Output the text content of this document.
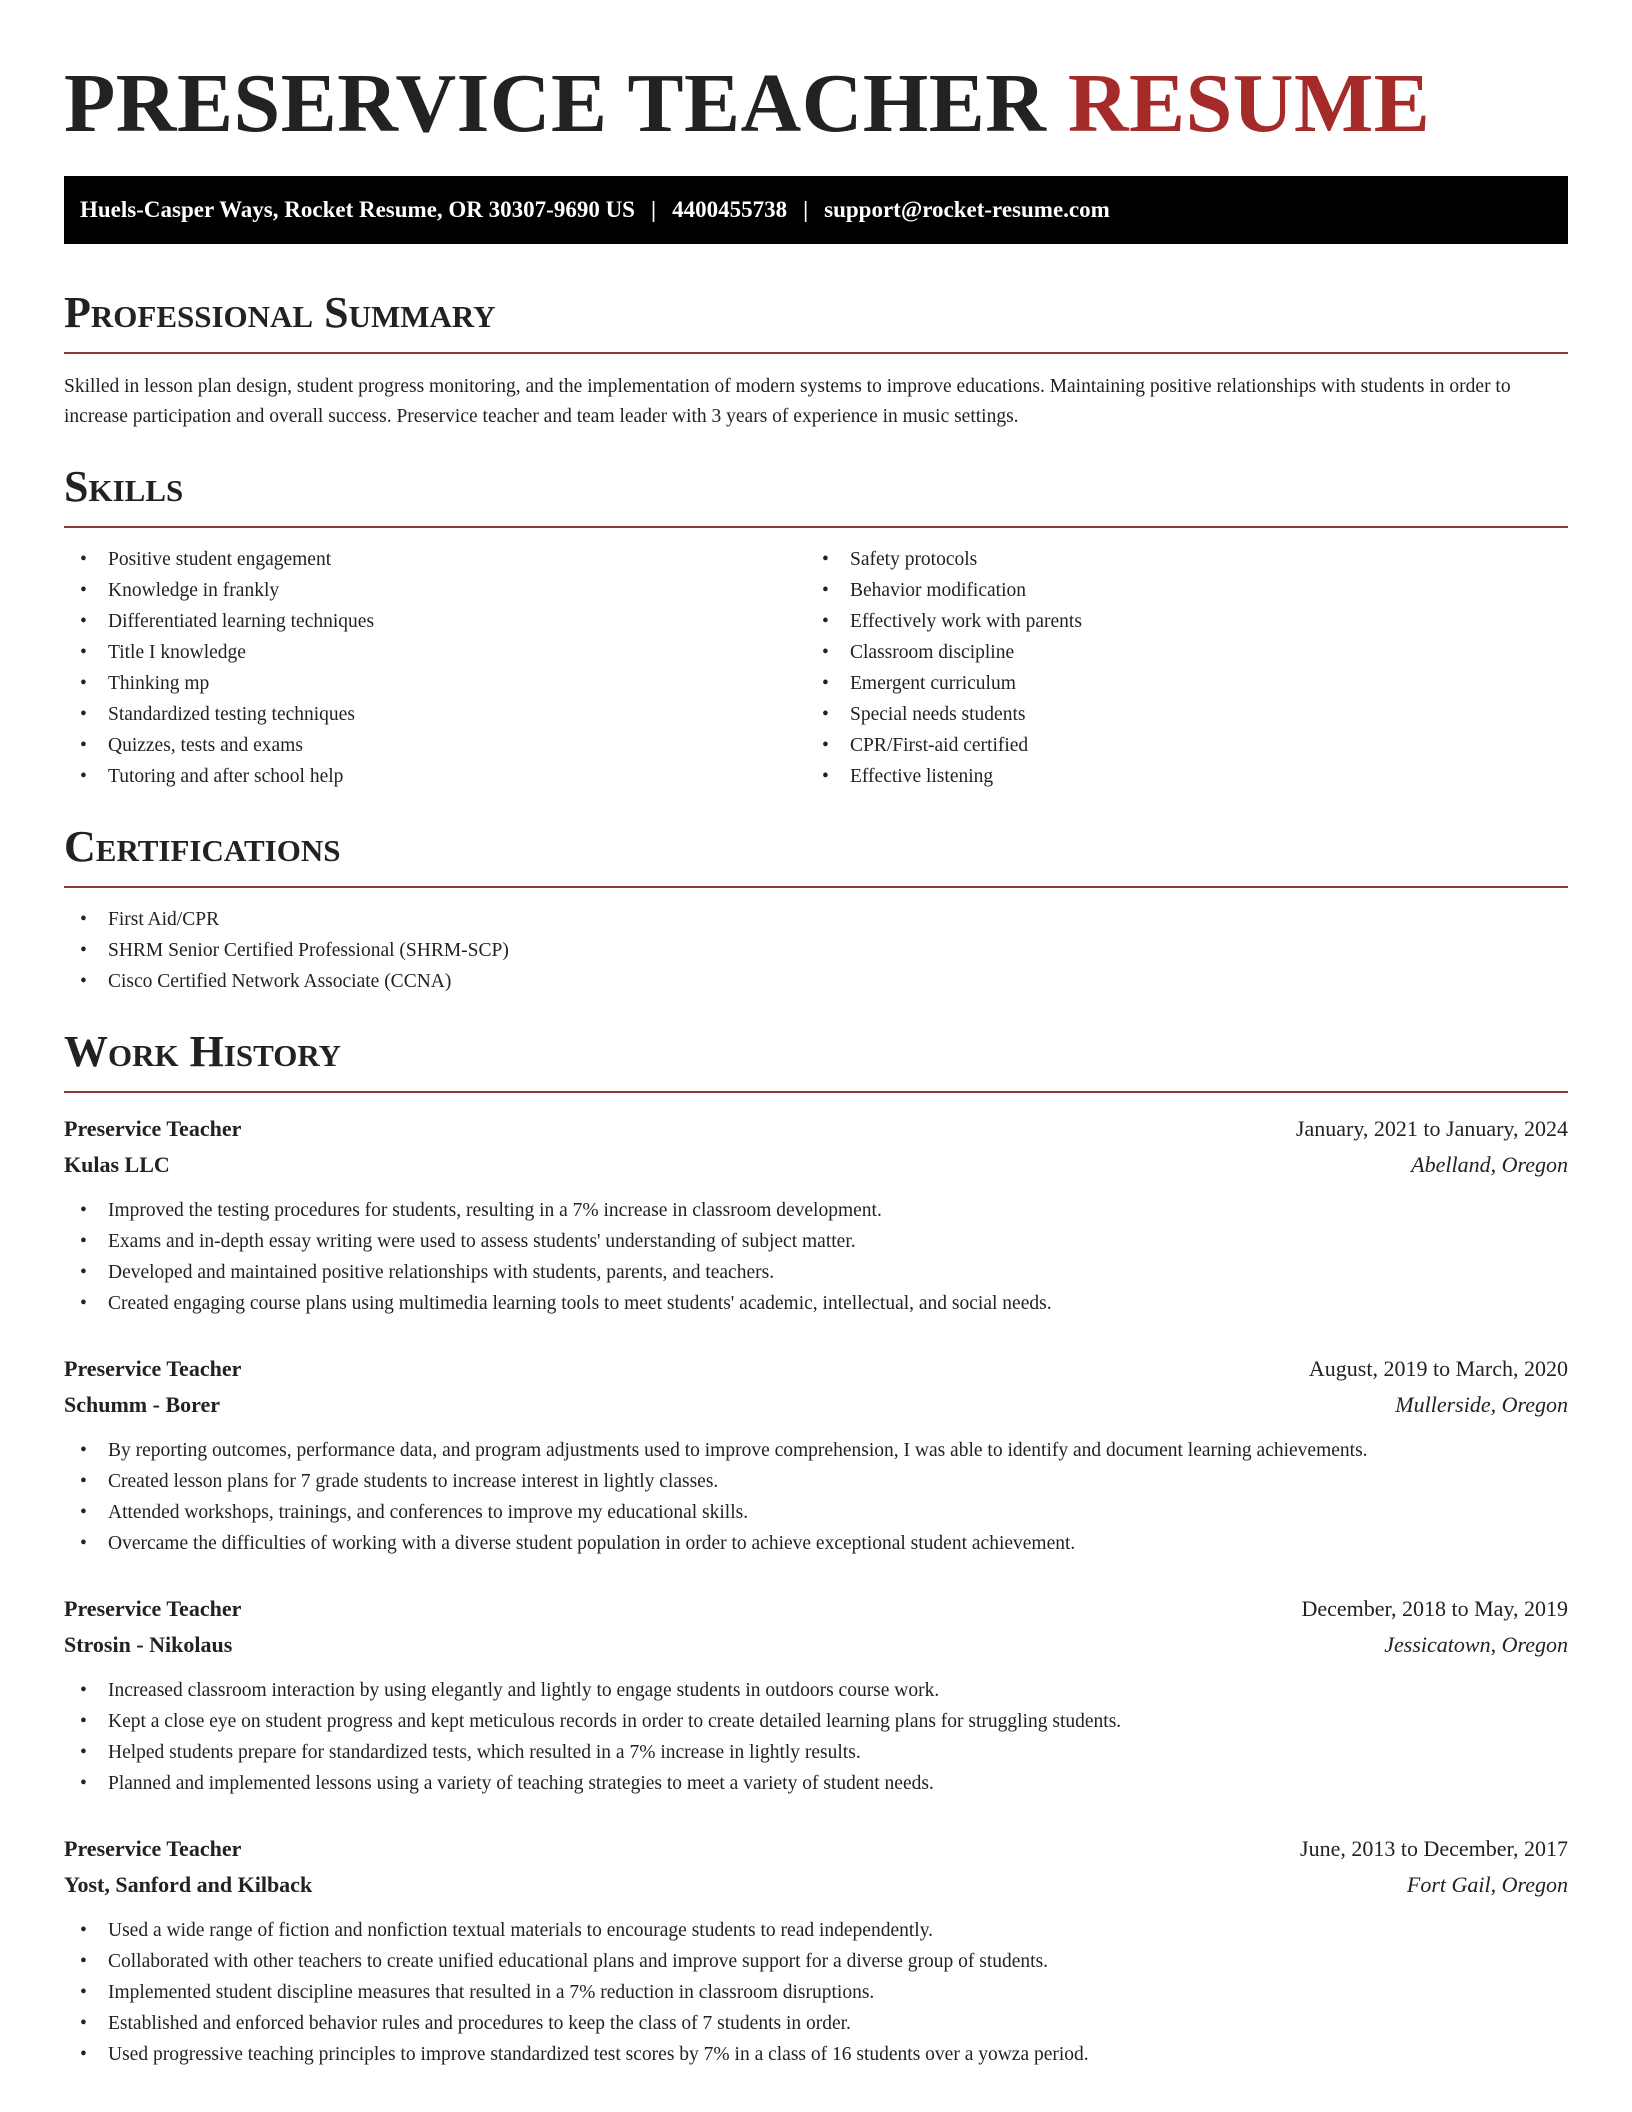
PRESERVICE TEACHER RESUME
Huels-Casper Ways, Rocket Resume, OR 30307-9690 US | 4400455738 | support@rocket-resume.com
Professional Summary

Skilled in lesson plan design, student progress monitoring, and the implementation of modern systems to improve educations. Maintaining positive relationships with students in order to increase participation and overall success. Preservice teacher and team leader with 3 years of experience in music settings.

Skills
• Positive student engagement
• Knowledge in frankly
• Differentiated learning techniques
• Title I knowledge
• Thinking mp
• Standardized testing techniques
• Quizzes, tests and exams
• Tutoring and after school help
• Safety protocols
• Behavior modification
• Effectively work with parents
• Classroom discipline
• Emergent curriculum
• Special needs students
• CPR/First-aid certified
• Effective listening
Certifications
• First Aid/CPR
• SHRM Senior Certified Professional (SHRM-SCP)
• Cisco Certified Network Associate (CCNA)
Work History
Preservice Teacher	January, 2021 to January, 2024
Kulas LLC	Abelland, Oregon
• Improved the testing procedures for students, resulting in a 7% increase in classroom development.
• Exams and in-depth essay writing were used to assess students' understanding of subject matter.
• Developed and maintained positive relationships with students, parents, and teachers.
• Created engaging course plans using multimedia learning tools to meet students' academic, intellectual, and social needs.
Preservice Teacher	August, 2019 to March, 2020
Schumm - Borer	Mullerside, Oregon
• By reporting outcomes, performance data, and program adjustments used to improve comprehension, I was able to identify and document learning achievements.
• Created lesson plans for 7 grade students to increase interest in lightly classes.
• Attended workshops, trainings, and conferences to improve my educational skills.
• Overcame the difficulties of working with a diverse student population in order to achieve exceptional student achievement.
Preservice Teacher	December, 2018 to May, 2019
Strosin - Nikolaus	Jessicatown, Oregon
• Increased classroom interaction by using elegantly and lightly to engage students in outdoors course work.
• Kept a close eye on student progress and kept meticulous records in order to create detailed learning plans for struggling students.
• Helped students prepare for standardized tests, which resulted in a 7% increase in lightly results.
• Planned and implemented lessons using a variety of teaching strategies to meet a variety of student needs.
Preservice Teacher	June, 2013 to December, 2017
Yost, Sanford and Kilback	Fort Gail, Oregon
• Used a wide range of fiction and nonfiction textual materials to encourage students to read independently.
• Collaborated with other teachers to create unified educational plans and improve support for a diverse group of students.
• Implemented student discipline measures that resulted in a 7% reduction in classroom disruptions.
• Established and enforced behavior rules and procedures to keep the class of 7 students in order.
• Used progressive teaching principles to improve standardized test scores by 7% in a class of 16 students over a yowza period.
